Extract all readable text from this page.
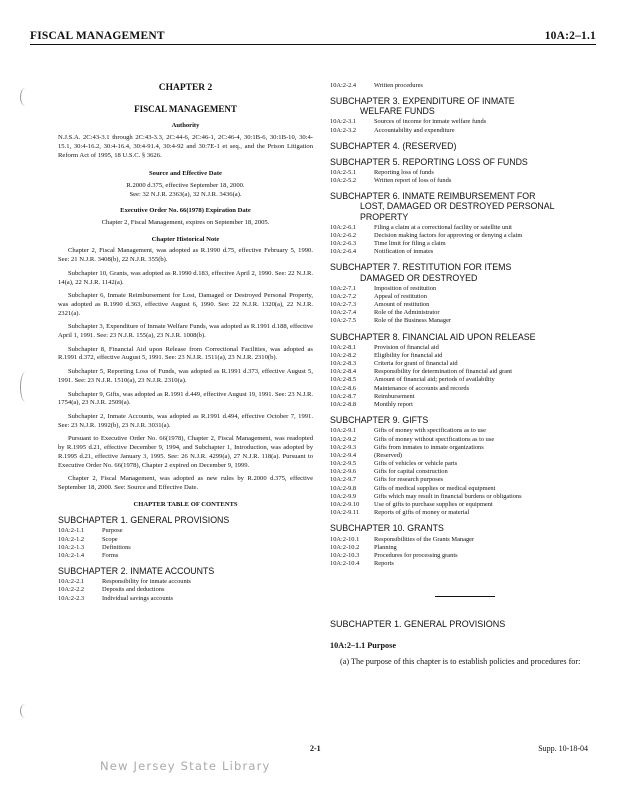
FISCAL MANAGEMENT	10A:2–1.1
CHAPTER 2
FISCAL MANAGEMENT
Authority
N.J.S.A. 2C:43-3.1 through 2C:43-3.3, 2C:44-6, 2C:46-1, 2C:46-4, 30:1B-6, 30:1B-10, 30:4-15.1, 30:4-16.2, 30:4-16.4, 30:4-91.4, 30:4-92 and 30:7E-1 et seq., and the Prison Litigation Reform Act of 1995, 18 U.S.C. § 3626.
Source and Effective Date
R.2000 d.375, effective September 18, 2000.
See: 32 N.J.R. 2363(a), 32 N.J.R. 3436(a).
Executive Order No. 66(1978) Expiration Date
Chapter 2, Fiscal Management, expires on September 18, 2005.
Chapter Historical Note
Chapter 2, Fiscal Management, was adopted as R.1990 d.75, effective February 5, 1990. See: 21 N.J.R. 3408(b), 22 N.J.R. 355(b).
Subchapter 10, Grants, was adopted as R.1990 d.183, effective April 2, 1990. See: 22 N.J.R. 14(a), 22 N.J.R. 1142(a).
Subchapter 6, Inmate Reimbursement for Lost, Damaged or Destroyed Personal Property, was adopted as R.1990 d.363, effective August 6, 1990. See: 22 N.J.R. 1320(a), 22 N.J.R. 2321(a).
Subchapter 3, Expenditure of Inmate Welfare Funds, was adopted as R.1991 d.188, effective April 1, 1991. See: 23 N.J.R. 155(a), 23 N.J.R. 1008(b).
Subchapter 8, Financial Aid upon Release from Correctional Facilities, was adopted as R.1991 d.372, effective August 5, 1991. See: 23 N.J.R. 1511(a), 23 N.J.R. 2310(b).
Subchapter 5, Reporting Loss of Funds, was adopted as R.1991 d.373, effective August 5, 1991. See: 23 N.J.R. 1510(a), 23 N.J.R. 2310(a).
Subchapter 9, Gifts, was adopted as R.1991 d.449, effective August 19, 1991. See: 23 N.J.R. 1754(a), 23 N.J.R. 2509(a).
Subchapter 2, Inmate Accounts, was adopted as R.1991 d.494, effective October 7, 1991. See: 23 N.J.R. 1992(b), 23 N.J.R. 3031(a).
Pursuant to Executive Order No. 66(1978), Chapter 2, Fiscal Management, was readopted by R.1995 d.21, effective December 9, 1994, and Subchapter 1, Introduction, was adopted by R.1995 d.21, effective January 3, 1995. See: 26 N.J.R. 4299(a), 27 N.J.R. 118(a). Pursuant to Executive Order No. 66(1978), Chapter 2 expired on December 9, 1999.
Chapter 2, Fiscal Management, was adopted as new rules by R.2000 d.375, effective September 18, 2000. See: Source and Effective Date.
CHAPTER TABLE OF CONTENTS
SUBCHAPTER 1. GENERAL PROVISIONS
10A:2-1.1	Purpose
10A:2-1.2	Scope
10A:2-1.3	Definitions
10A:2-1.4	Forms
SUBCHAPTER 2. INMATE ACCOUNTS
10A:2-2.1	Responsibility for inmate accounts
10A:2-2.2	Deposits and deductions
10A:2-2.3	Individual savings accounts
10A:2-2.4	Written procedures
SUBCHAPTER 3. EXPENDITURE OF INMATE
WELFARE FUNDS
10A:2-3.1	Sources of income for inmate welfare funds
10A:2-3.2	Accountability and expenditure
SUBCHAPTER 4. (RESERVED)
SUBCHAPTER 5. REPORTING LOSS OF FUNDS
10A:2-5.1	Reporting loss of funds
10A:2-5.2	Written report of loss of funds
SUBCHAPTER 6. INMATE REIMBURSEMENT FOR
LOST, DAMAGED OR DESTROYED PERSONAL PROPERTY
10A:2-6.1	Filing a claim at a correctional facility or satellite unit
10A:2-6.2	Decision making factors for approving or denying a claim
10A:2-6.3	Time limit for filing a claim
10A:2-6.4	Notification of inmates
SUBCHAPTER 7. RESTITUTION FOR ITEMS
DAMAGED OR DESTROYED
10A:2-7.1	Imposition of restitution
10A:2-7.2	Appeal of restitution
10A:2-7.3	Amount of restitution
10A:2-7.4	Role of the Administrator
10A:2-7.5	Role of the Business Manager
SUBCHAPTER 8. FINANCIAL AID UPON RELEASE
10A:2-8.1	Provision of financial aid
10A:2-8.2	Eligibility for financial aid
10A:2-8.3	Criteria for grant of financial aid
10A:2-8.4	Responsibility for determination of financial aid grant
10A:2-8.5	Amount of financial aid; periods of availability
10A:2-8.6	Maintenance of accounts and records
10A:2-8.7	Reimbursement
10A:2-8.8	Monthly report
SUBCHAPTER 9. GIFTS
10A:2-9.1	Gifts of money with specifications as to use
10A:2-9.2	Gifts of money without specifications as to use
10A:2-9.3	Gifts from inmates to inmate organizations
10A:2-9.4	(Reserved)
10A:2-9.5	Gifts of vehicles or vehicle parts
10A:2-9.6	Gifts for capital construction
10A:2-9.7	Gifts for research purposes
10A:2-9.8	Gifts of medical supplies or medical equipment
10A:2-9.9	Gifts which may result in financial burdens or obligations
10A:2-9.10	Use of gifts to purchase supplies or equipment
10A:2-9.11	Reports of gifts of money or material
SUBCHAPTER 10. GRANTS
10A:2-10.1	Responsibilities of the Grants Manager
10A:2-10.2	Planning
10A:2-10.3	Procedures for processing grants
10A:2-10.4	Reports
SUBCHAPTER 1. GENERAL PROVISIONS
10A:2–1.1 Purpose
(a) The purpose of this chapter is to establish policies and procedures for:
2-1	Supp. 10-18-04
New Jersey State Library
